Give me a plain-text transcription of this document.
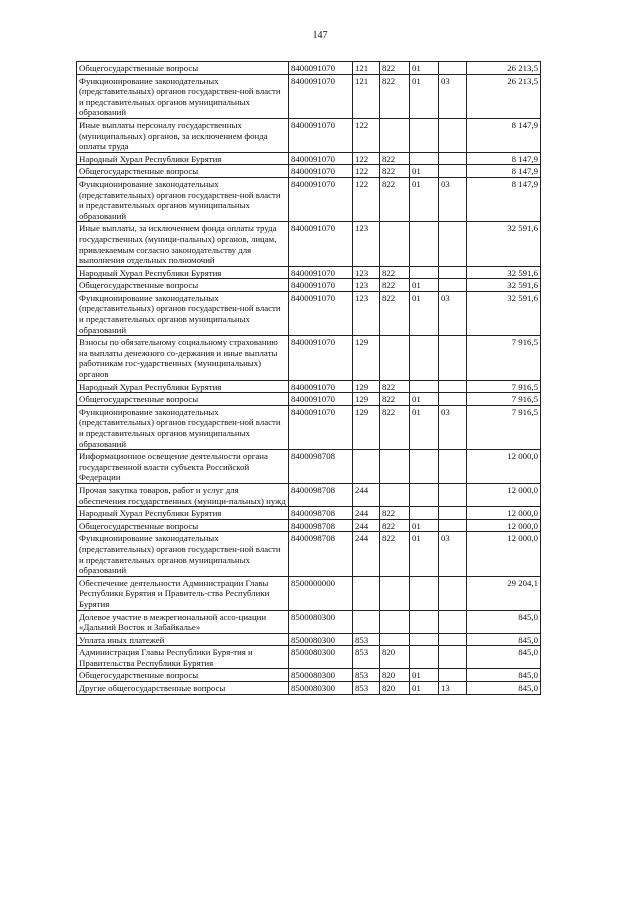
147
Общегосударственные вопросы	8400091070	121	822	01		26 213,5
Функционирование законодательных (представительных) органов государствен-ной власти и представительных органов муниципальных образований	8400091070	121	822	01	03	26 213,5
Иные выплаты персоналу государственных (муниципальных) органов, за исключением фонда оплаты труда	8400091070	122				8 147,9
Народный Хурал Республики Бурятия	8400091070	122	822			8 147,9
Общегосударственные вопросы	8400091070	122	822	01		8 147,9
Функционирование законодательных (представительных) органов государствен-ной власти и представительных органов муниципальных образований	8400091070	122	822	01	03	8 147,9
Иные выплаты, за исключением фонда оплаты труда государственных (муници-пальных) органов, лицам, привлекаемым согласно законодательству для выполнения отдельных полномочий	8400091070	123				32 591,6
Народный Хурал Республики Бурятия	8400091070	123	822			32 591,6
Общегосударственные вопросы	8400091070	123	822	01		32 591,6
Функционирование законодательных (представительных) органов государствен-ной власти и представительных органов муниципальных образований	8400091070	123	822	01	03	32 591,6
Взносы по обязательному социальному страхованию на выплаты денежного со-держания и иные выплаты работникам гос-ударственных (муниципальных) органов	8400091070	129				7 916,5
Народный Хурал Республики Бурятия	8400091070	129	822			7 916,5
Общегосударственные вопросы	8400091070	129	822	01		7 916,5
Функционирование законодательных (представительных) органов государствен-ной власти и представительных органов муниципальных образований	8400091070	129	822	01	03	7 916,5
Информационное освещение деятельности органа государственной власти субъекта Российской Федерации	8400098708					12 000,0
Прочая закупка товаров, работ и услуг для обеспечения государственных (муници-пальных) нужд	8400098708	244				12 000,0
Народный Хурал Республики Бурятия	8400098708	244	822			12 000,0
Общегосударственные вопросы	8400098708	244	822	01		12 000,0
Функционирование законодательных (представительных) органов государствен-ной власти и представительных органов муниципальных образований	8400098708	244	822	01	03	12 000,0
Обеспечение деятельности Администрации Главы Республики Бурятия и Правитель-ства Республики Бурятия	8500000000					29 204,1
Долевое участие в межрегиональной ассо-циации «Дальний Восток и Забайкалье»	8500080300					845,0
Уплата иных платежей	8500080300	853				845,0
Администрация Главы Республики Буря-тия и Правительства Республики Бурятия	8500080300	853	820			845,0
Общегосударственные вопросы	8500080300	853	820	01		845,0
Другие общегосударственные вопросы	8500080300	853	820	01	13	845,0
